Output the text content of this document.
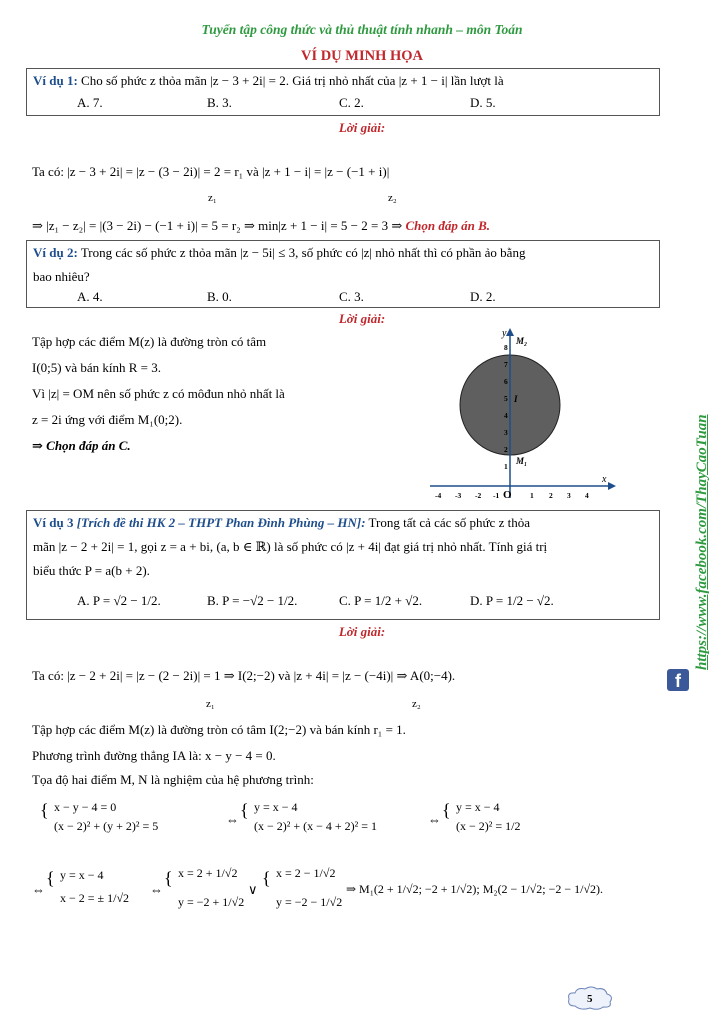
Tuyển tập công thức và thủ thuật tính nhanh – môn Toán
VÍ DỤ MINH HỌA
Ví dụ 1: Cho số phức z thỏa mãn |z − 3 + 2i| = 2. Giá trị nhỏ nhất của |z + 1 − i| lần lượt là
A. 7.	B. 3.	C. 2.	D. 5.
Lời giải:
Ta có: |z − 3 + 2i| = |z − (3 − 2i)| = 2 = r₁ và |z + 1 − i| = |z − (−1 + i)|
z₁	z₂
⇒ |z₁ − z₂| = |(3 − 2i) − (−1 + i)| = 5 = r₂ ⇒ min|z + 1 − i| = 5 − 2 = 3 ⇒ Chọn đáp án B.
Ví dụ 2: Trong các số phức z thỏa mãn |z − 5i| ≤ 3, số phức có |z| nhỏ nhất thì có phần ảo bằng
bao nhiêu?
A. 4.	B. 0.	C. 3.	D. 2.
Lời giải:
Tập hợp các điểm M(z) là đường tròn có tâm
I(0;5) và bán kính R = 3.
Vì |z| = OM nên số phức z có môđun nhỏ nhất là
z = 2i ứng với điểm M₁(0;2).
⇒ Chọn đáp án C.
x
y
O
-4 -3 -2 -1	1 2 3 4
1
2
3
4
5
6
7
8
I
M₁
M₂
Ví dụ 3 [Trích đề thi HK 2 – THPT Phan Đình Phùng – HN]: Trong tất cả các số phức z thỏa
mãn |z − 2 + 2i| = 1, gọi z = a + bi, (a, b ∈ ℝ) là số phức có |z + 4i| đạt giá trị nhỏ nhất. Tính giá trị
biểu thức P = a(b + 2).
A. P = √2 − 1/2.	B. P = −√2 − 1/2.	C. P = 1/2 + √2.	D. P = 1/2 − √2.
Lời giải:
Ta có: |z − 2 + 2i| = |z − (2 − 2i)| = 1 ⇒ I(2;−2) và |z + 4i| = |z − (−4i)| ⇒ A(0;−4).
z₁	z₂
Tập hợp các điểm M(z) là đường tròn có tâm I(2;−2) và bán kính r₁ = 1.
Phương trình đường thẳng IA là: x − y − 4 = 0.
Tọa độ hai điểm M, N là nghiệm của hệ phương trình:
{ x − y − 4 = 0
(x − 2)² + (y + 2)² = 5	⇔ { y = x − 4
(x − 2)² + (x − 4 + 2)² = 1	⇔ { y = x − 4
(x − 2)² = 1/2
⇔
{ y = x − 4
x − 2 = ± 1/√2
⇔
{ x = 2 + 1/√2
y = −2 + 1/√2
∨
{ x = 2 − 1/√2
y = −2 − 1/√2
⇒ M₁(2 + 1/√2; −2 + 1/√2); M₂(2 − 1/√2; −2 − 1/√2).
https://www.facebook.com/ThayCaoTuan
f
5
